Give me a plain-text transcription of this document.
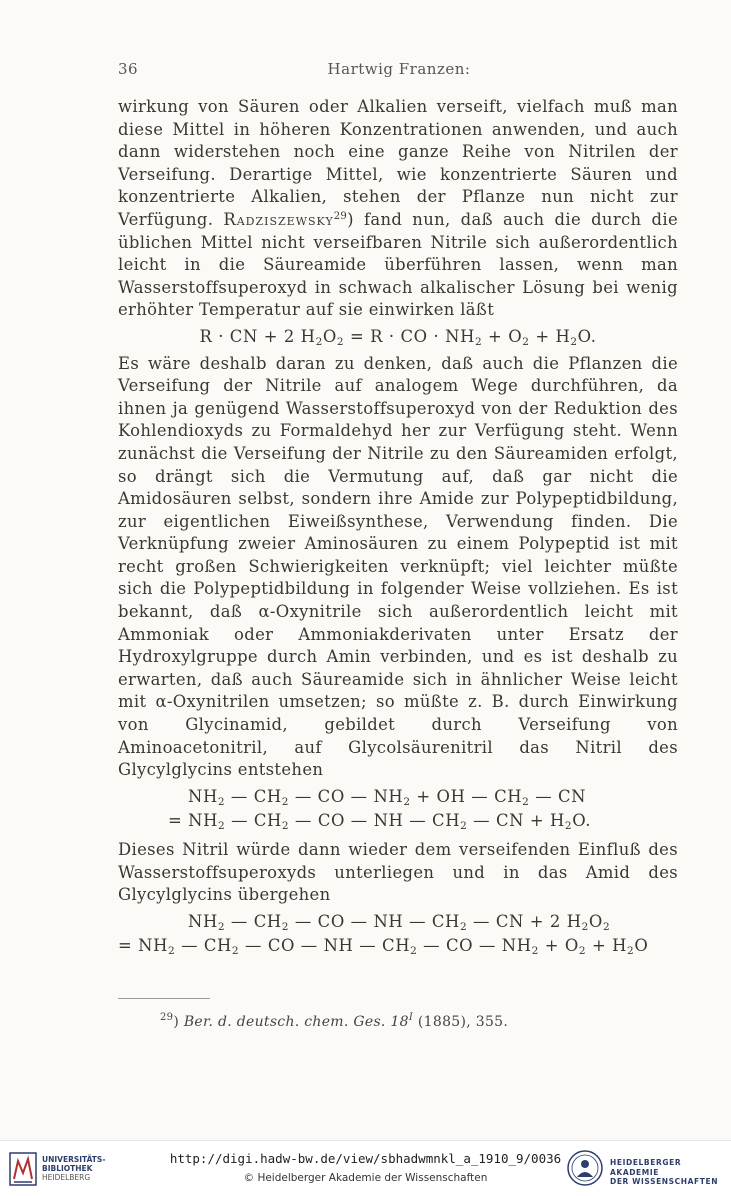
36	Hartwig Franzen:

wirkung von Säuren oder Alkalien verseift, vielfach muß man diese Mittel in höheren Konzentrationen anwenden, und auch dann widerstehen noch eine ganze Reihe von Nitrilen der Verseifung. Derartige Mittel, wie konzentrierte Säuren und konzentrierte Alkalien, stehen der Pflanze nun nicht zur Verfügung. Radziszewsky$^{29}$) fand nun, daß auch die durch die üblichen Mittel nicht verseifbaren Nitrile sich außerordentlich leicht in die Säureamide überführen lassen, wenn man Wasserstoffsuperoxyd in schwach alkalischer Lösung bei wenig erhöhter Temperatur auf sie einwirken läßt

R · CN + 2 $H_2O_2 = R$ · CO · $NH_2 + O_2 + H_2O$.

Es wäre deshalb daran zu denken, daß auch die Pflanzen die Verseifung der Nitrile auf analogem Wege durchführen, da ihnen ja genügend Wasserstoffsuperoxyd von der Reduktion des Kohlendioxyds zu Formaldehyd her zur Verfügung steht. Wenn zunächst die Verseifung der Nitrile zu den Säureamiden erfolgt, so drängt sich die Vermutung auf, daß gar nicht die Amidosäuren selbst, sondern ihre Amide zur Polypeptidbildung, zur eigentlichen Eiweißsynthese, Verwendung finden. Die Verknüpfung zweier Aminosäuren zu einem Polypeptid ist mit recht großen Schwierigkeiten verknüpft; viel leichter müßte sich die Polypeptidbildung in folgender Weise vollziehen. Es ist bekannt, daß α-Oxynitrile sich außerordentlich leicht mit Ammoniak oder Ammoniakderivaten unter Ersatz der Hydroxylgruppe durch Amin verbinden, und es ist deshalb zu erwarten, daß auch Säureamide sich in ähnlicher Weise leicht mit α-Oxynitrilen umsetzen; so müßte z. B. durch Einwirkung von Glycinamid, gebildet durch Verseifung von Aminoacetonitril, auf Glycolsäurenitril das Nitril des Glycylglycins entstehen

$NH_2$ — $CH_2$ — CO — $NH_2$ + OH — $CH_2$ — CN
= $NH_2$ — $CH_2$ — CO — NH — $CH_2$ — CN + $H_2O$.

Dieses Nitril würde dann wieder dem verseifenden Einfluß des Wasserstoffsuperoxyds unterliegen und in das Amid des Glycylglycins übergehen

$NH_2$ — $CH_2$ — CO — NH — $CH_2$ — CN + 2 $H_2O_2$
= $NH_2$ — $CH_2$ — CO — NH — $CH_2$ — CO — $NH_2 + O_2 + H_2O$
$^{29}$) Ber. d. deutsch. chem. Ges. $18^I$ (1885), 355.
UNIVERSITÄTS-
BIBLIOTHEK
HEIDELBERG
http://digi.hadw-bw.de/view/sbhadwmnkl_a_1910_9/0036
© Heidelberger Akademie der Wissenschaften
HEIDELBERGER AKADEMIE
DER WISSENSCHAFTEN
